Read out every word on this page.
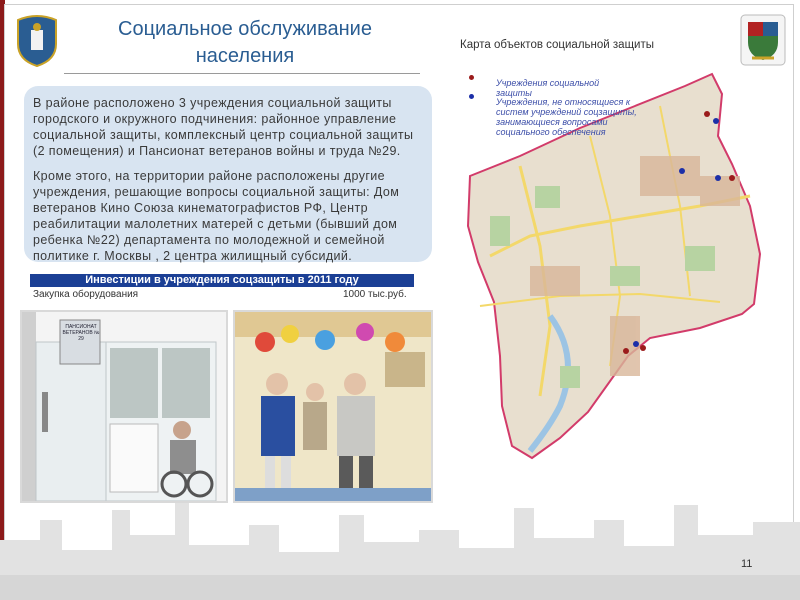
Социальное обслуживание населения

В районе расположено 3 учреждения социальной защиты городского и окружного подчинения: районное управление социальной защиты, комплексный центр социальной защиты (2 помещения) и Пансионат ветеранов войны и труда №29.

Кроме этого, на территории районе расположены другие учреждения, решающие вопросы социальной защиты: Дом ветеранов Кино Союза кинематографистов РФ, Центр реабилитации малолетних матерей с детьми (бывший дом ребенка №22) департамента по молодежной и семейной политике г. Москвы , 2 центра жилищный субсидий.

Инвестиции в учреждения соцзащиты в 2011 году
Закупка оборудования	1000 тыс.руб.
ПАНСИОНАТ ВЕТЕРАНОВ № 29
Карта объектов социальной защиты
Учреждения социальной защиты
Учреждения, не относящиеся к систем учреждений соцзащиты, занимающиеся вопросами социального обеспечения
11
